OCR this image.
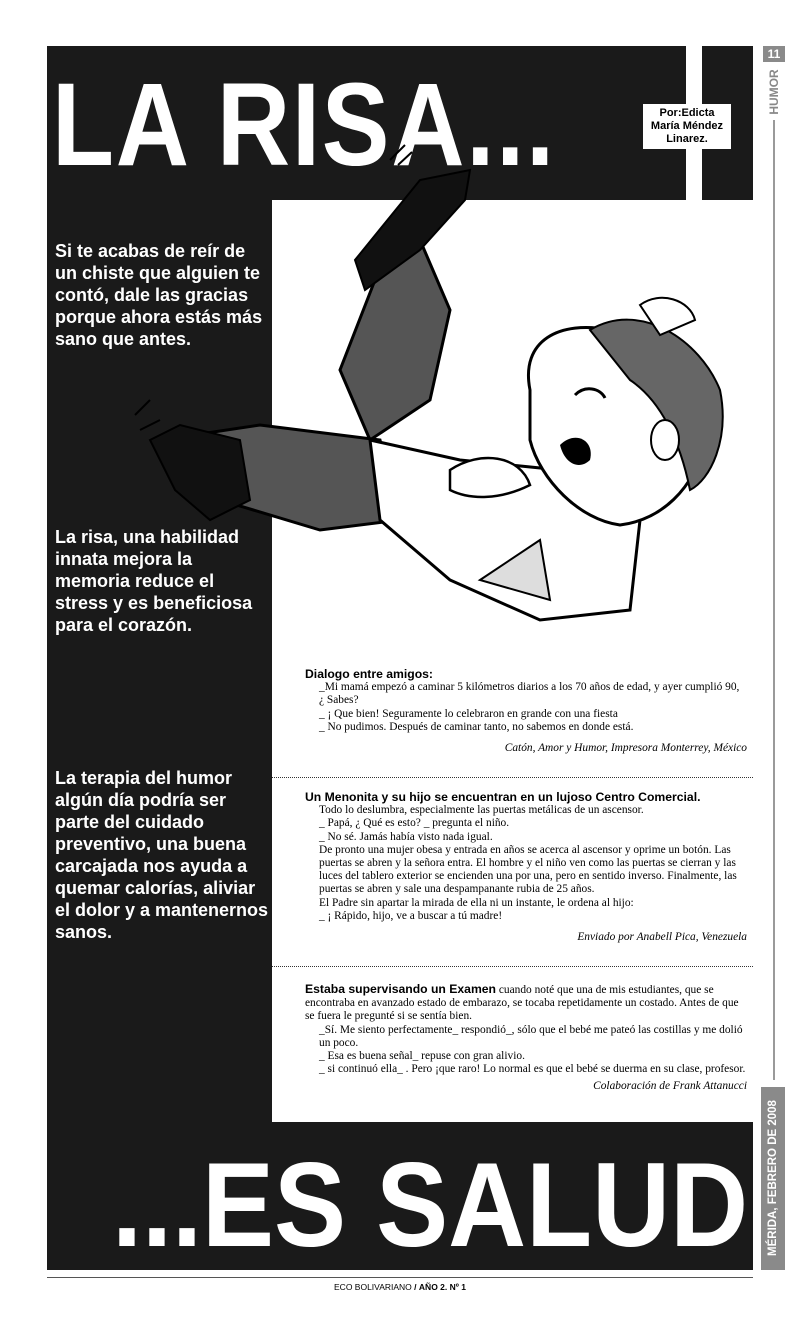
LA RISA...	Por:Edicta
María Méndez
Linarez.
Si te acabas de reír de un chiste que alguien te contó, dale las gracias porque ahora estás más sano que antes.
La risa, una habilidad innata mejora la memoria reduce el stress y es beneficiosa para el corazón.
La terapia del humor algún día podría ser parte del cuidado preventivo, una buena carcajada nos ayuda a quemar calorías, aliviar el dolor y a mantenernos sanos.

Dialogo entre amigos:

_Mi mamá empezó a caminar 5 kilómetros diarios a los 70 años de edad, y ayer cumplió 90, ¿ Sabes?

_ ¡ Que bien! Seguramente lo celebraron en grande con una fiesta

_ No pudimos. Después de caminar tanto, no sabemos en donde está.

Catón, Amor y Humor, Impresora Monterrey, México

Un Menonita y su hijo se encuentran en un lujoso Centro Comercial.

Todo lo deslumbra, especialmente las puertas metálicas de un ascensor.

_ Papá, ¿ Qué es esto? _ pregunta el niño.

_ No sé. Jamás había visto nada igual.

De pronto una mujer obesa y entrada en años se acerca al ascensor y oprime un botón. Las puertas se abren y la señora entra. El hombre y el niño ven como las puertas se cierran y las luces del tablero exterior se encienden una por una, pero en sentido inverso. Finalmente, las puertas se abren y sale una despampanante rubia de 25 años.

El Padre sin apartar la mirada de ella ni un instante, le ordena al hijo:

_ ¡ Rápido, hijo, ve a buscar a tú madre!

Enviado por Anabell Pica, Venezuela

Estaba supervisando un Examen cuando noté que una de mis estudiantes, que se encontraba en avanzado estado de embarazo, se tocaba repetidamente un costado. Antes de que se fuera le pregunté si se sentía bien.

_Sí. Me siento perfectamente_ respondió_, sólo que el bebé me pateó las costillas y me dolió un poco.

_ Esa es buena señal_ repuse con gran alivio.

_ si continuó ella_ . Pero ¡que raro! Lo normal es que el bebé se duerma en su clase, profesor.

Colaboración de Frank Attanucci

...ES SALUD
11
HUMOR
MÉRIDA, FEBRERO DE 2008
ECO BOLIVARIANO / AÑO 2. Nº 1
